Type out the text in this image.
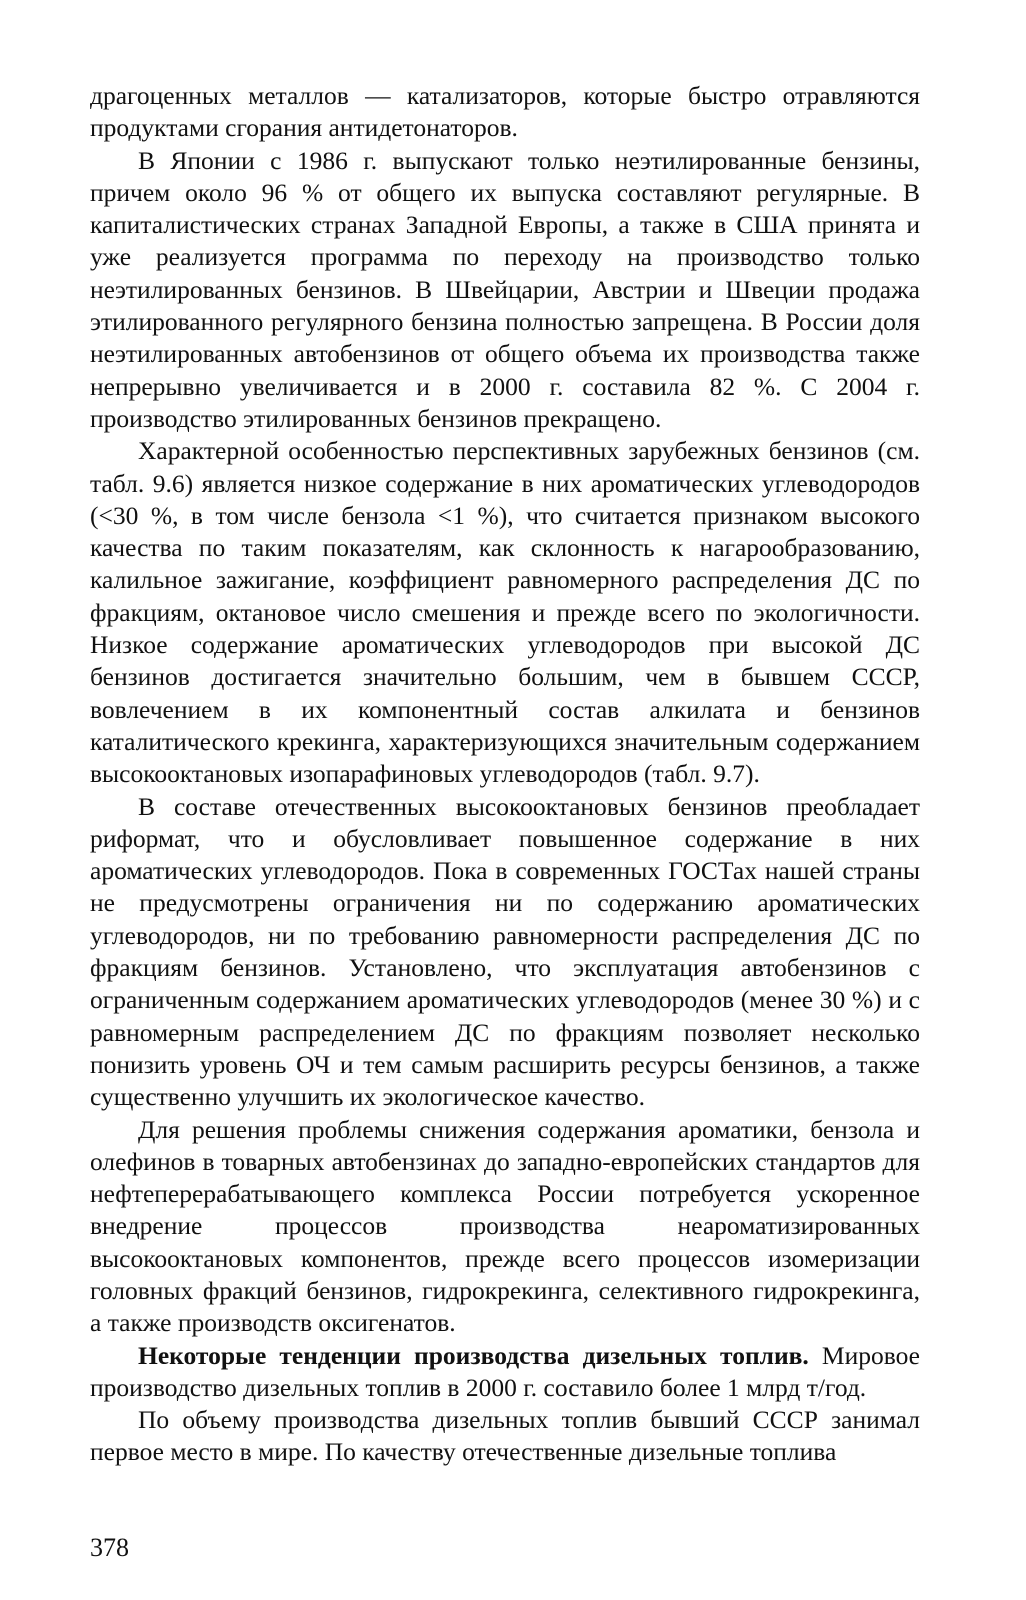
драгоценных металлов — катализаторов, которые быстро отравляются продуктами сгорания антидетонаторов.

В Японии с 1986 г. выпускают только неэтилированные бензины, причем около 96 % от общего их выпуска составляют регулярные. В капиталистических странах Западной Европы, а также в США принята и уже реализуется программа по переходу на производство только неэтилированных бензинов. В Швейцарии, Австрии и Швеции продажа этилированного регулярного бензина полностью запрещена. В России доля неэтилированных автобензинов от общего объема их производства также непрерывно увеличивается и в 2000 г. составила 82 %. С 2004 г. производство этилированных бензинов прекращено.

Характерной особенностью перспективных зарубежных бензинов (см. табл. 9.6) является низкое содержание в них ароматических углеводородов (<30 %, в том числе бензола <1 %), что считается признаком высокого качества по таким показателям, как склонность к нагарообразованию, калильное зажигание, коэффициент равномерного распределения ДС по фракциям, октановое число смешения и прежде всего по экологичности. Низкое содержание ароматических углеводородов при высокой ДС бензинов достигается значительно большим, чем в бывшем СССР, вовлечением в их компонентный состав алкилата и бензинов каталитического крекинга, характеризующихся значительным содержанием высокооктановых изопарафиновых углеводородов (табл. 9.7).

В составе отечественных высокооктановых бензинов преобладает риформат, что и обусловливает повышенное содержание в них ароматических углеводородов. Пока в современных ГОСТах нашей страны не предусмотрены ограничения ни по содержанию ароматических углеводородов, ни по требованию равномерности распределения ДС по фракциям бензинов. Установлено, что эксплуатация автобензинов с ограниченным содержанием ароматических углеводородов (менее 30 %) и с равномерным распределением ДС по фракциям позволяет несколько понизить уровень ОЧ и тем самым расширить ресурсы бензинов, а также существенно улучшить их экологическое качество.

Для решения проблемы снижения содержания ароматики, бензола и олефинов в товарных автобензинах до западно-европейских стандартов для нефтеперерабатывающего комплекса России потребуется ускоренное внедрение процессов производства неароматизированных высокооктановых компонентов, прежде всего процессов изомеризации головных фракций бензинов, гидрокрекинга, селективного гидрокрекинга, а также производств оксигенатов.

Некоторые тенденции производства дизельных топлив. Мировое производство дизельных топлив в 2000 г. составило более 1 млрд т/год.

По объему производства дизельных топлив бывший СССР занимал первое место в мире. По качеству отечественные дизельные топлива

378
